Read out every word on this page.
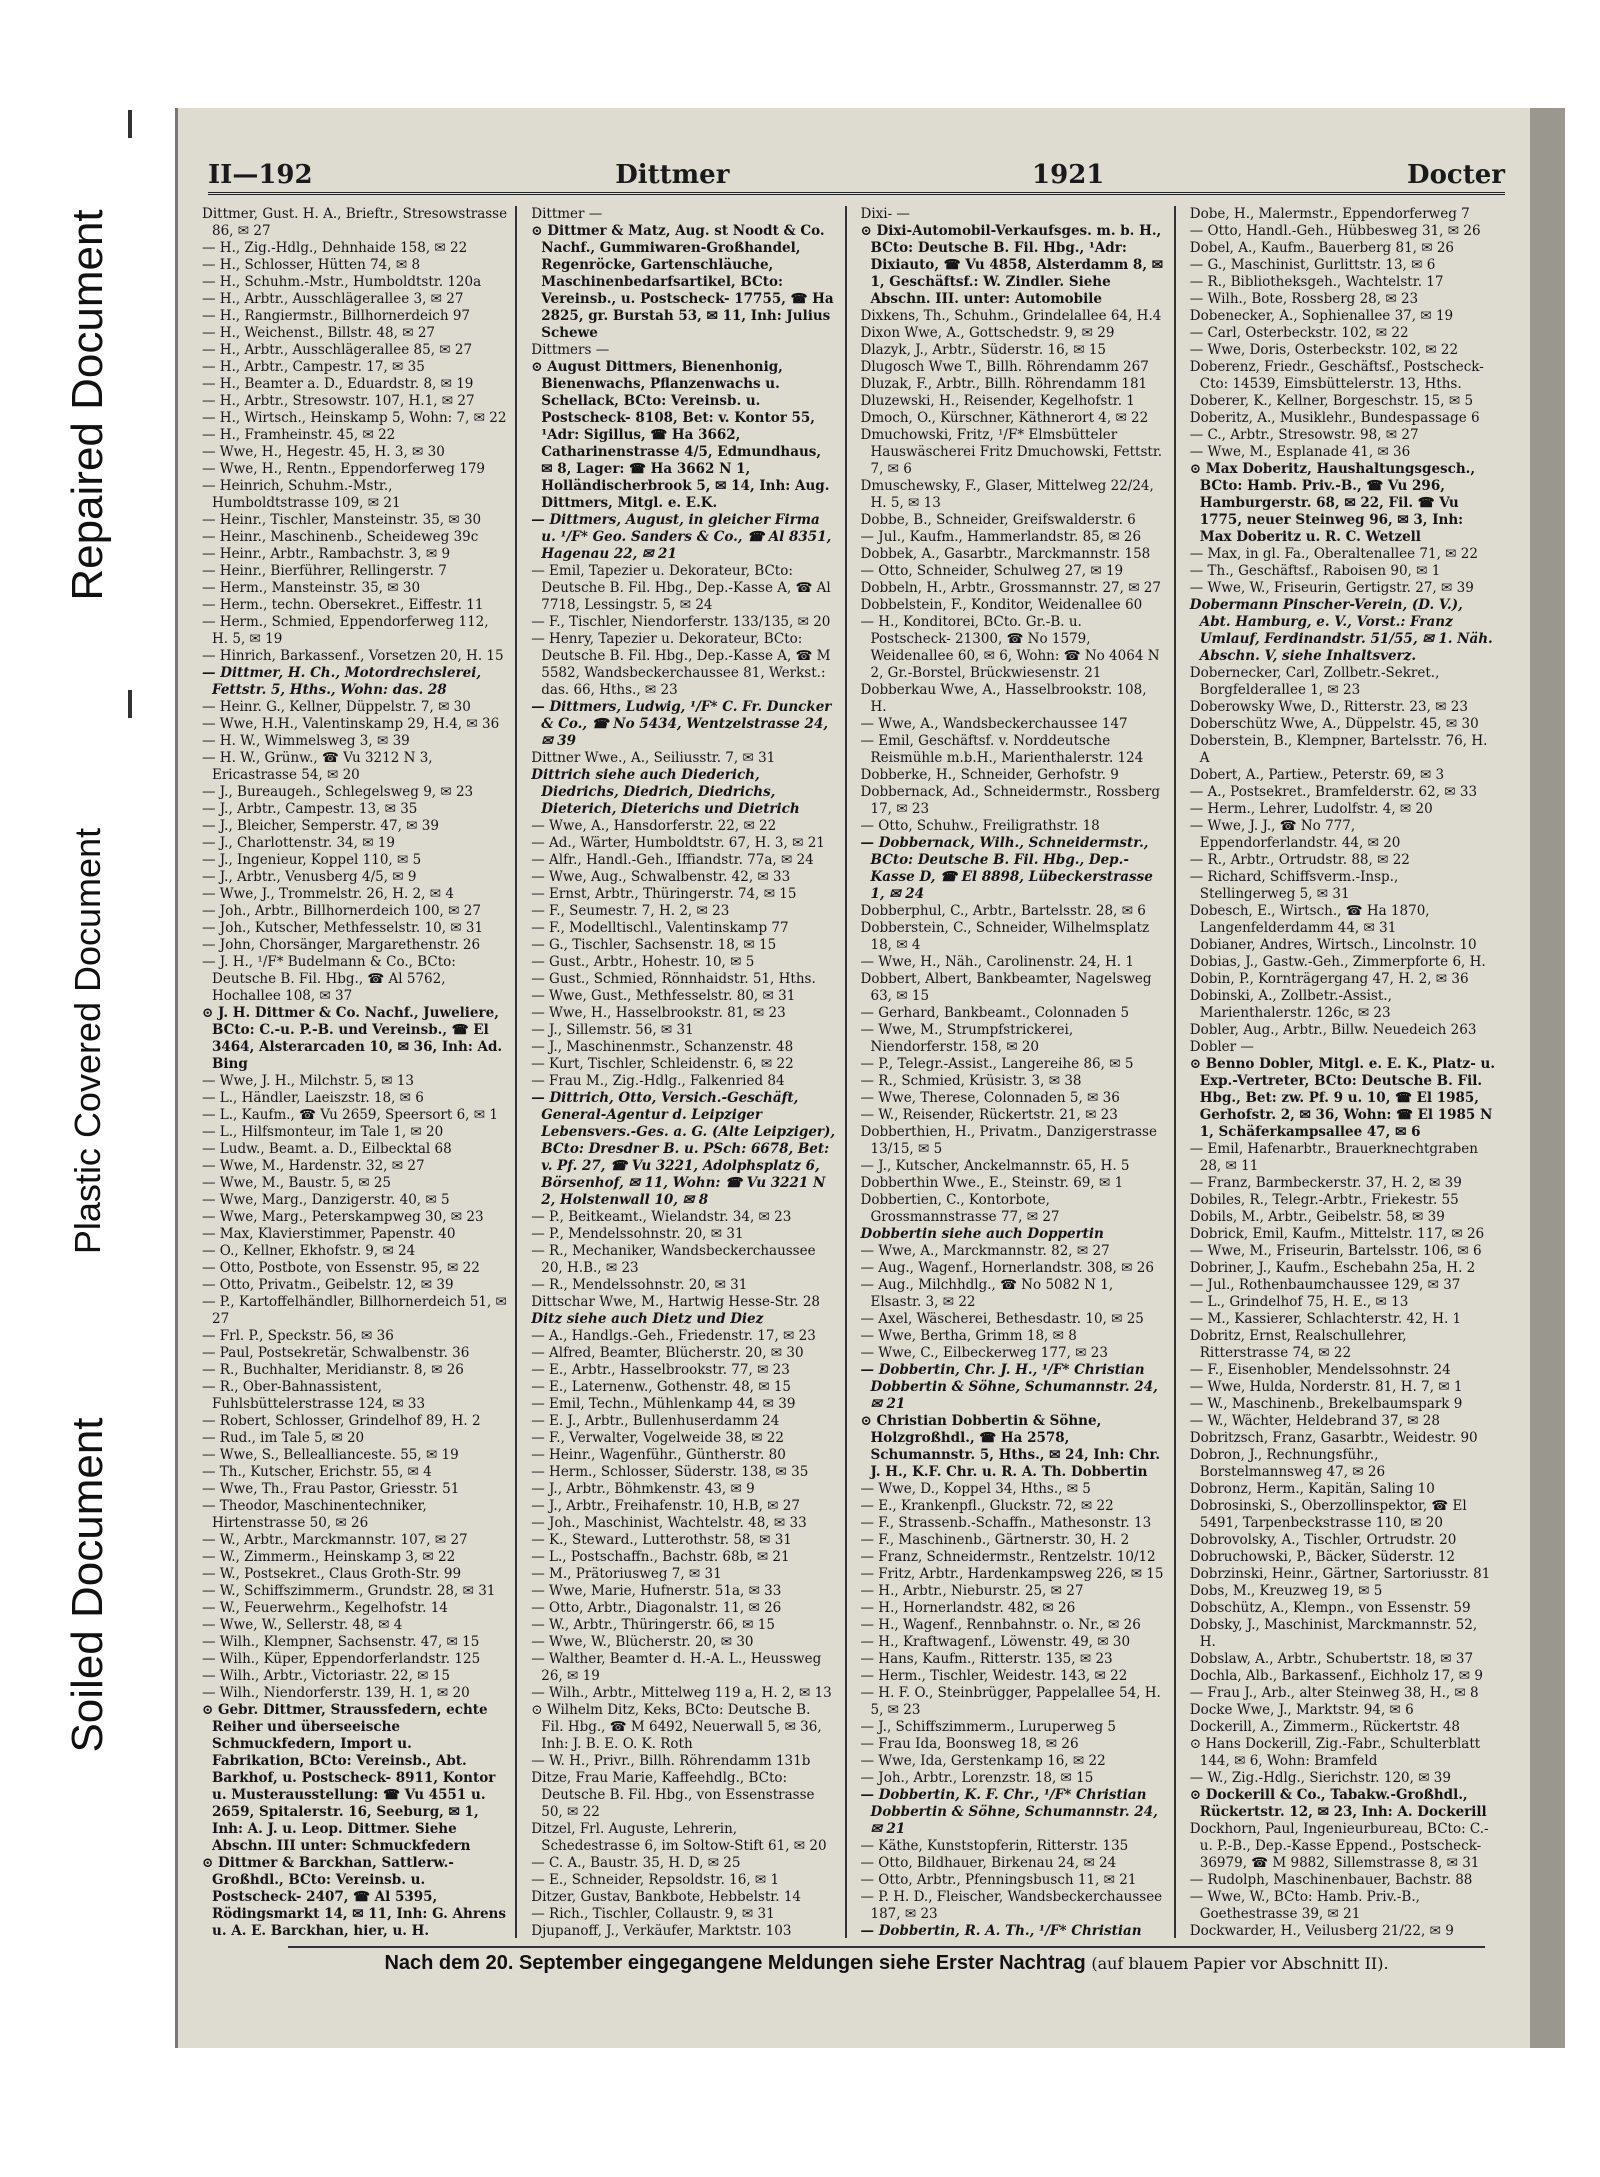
Repaired Document
Plastic Covered Document
Soiled Document
II—192	Dittmer	1921	Docter

Dittmer, Gust. H. A., Brieftr., Stresowstrasse 86, ✉ 27

— H., Zig.-Hdlg., Dehnhaide 158, ✉ 22

— H., Schlosser, Hütten 74, ✉ 8

— H., Schuhm.-Mstr., Humboldtstr. 120a

— H., Arbtr., Ausschlägerallee 3, ✉ 27

— H., Rangiermstr., Billhornerdeich 97

— H., Weichenst., Billstr. 48, ✉ 27

— H., Arbtr., Ausschlägerallee 85, ✉ 27

— H., Arbtr., Campestr. 17, ✉ 35

— H., Beamter a. D., Eduardstr. 8, ✉ 19

— H., Arbtr., Stresowstr. 107, H.1, ✉ 27

— H., Wirtsch., Heinskamp 5, Wohn: 7, ✉ 22

— H., Framheinstr. 45, ✉ 22

— Wwe, H., Hegestr. 45, H. 3, ✉ 30

— Wwe, H., Rentn., Eppendorferweg 179

— Heinrich, Schuhm.-Mstr., Humboldtstrasse 109, ✉ 21

— Heinr., Tischler, Mansteinstr. 35, ✉ 30

— Heinr., Maschinenb., Scheideweg 39c

— Heinr., Arbtr., Rambachstr. 3, ✉ 9

— Heinr., Bierführer, Rellingerstr. 7

— Herm., Mansteinstr. 35, ✉ 30

— Herm., techn. Obersekret., Eiffestr. 11

— Herm., Schmied, Eppendorferweg 112, H. 5, ✉ 19

— Hinrich, Barkassenf., Vorsetzen 20, H. 15

— Dittmer, H. Ch., Motordrechslerei, Fettstr. 5, Hths., Wohn: das. 28

— Heinr. G., Kellner, Düppelstr. 7, ✉ 30

— Wwe, H.H., Valentinskamp 29, H.4, ✉ 36

— H. W., Wimmelsweg 3, ✉ 39

— H. W., Grünw., ☎ Vu 3212 N 3, Ericastrasse 54, ✉ 20

— J., Bureaugeh., Schlegelsweg 9, ✉ 23

— J., Arbtr., Campestr. 13, ✉ 35

— J., Bleicher, Semperstr. 47, ✉ 39

— J., Charlottenstr. 34, ✉ 19

— J., Ingenieur, Koppel 110, ✉ 5

— J., Arbtr., Venusberg 4/5, ✉ 9

— Wwe, J., Trommelstr. 26, H. 2, ✉ 4

— Joh., Arbtr., Billhornerdeich 100, ✉ 27

— Joh., Kutscher, Methfesselstr. 10, ✉ 31

— John, Chorsänger, Margarethenstr. 26

— J. H., ¹/F* Budelmann & Co., BCto: Deutsche B. Fil. Hbg., ☎ Al 5762, Hochallee 108, ✉ 37

⊙ J. H. Dittmer & Co. Nachf., Juweliere, BCto: C.-u. P.-B. und Vereinsb., ☎ El 3464, Alsterarcaden 10, ✉ 36, Inh: Ad. Bing

— Wwe, J. H., Milchstr. 5, ✉ 13

— L., Händler, Laeiszstr. 18, ✉ 6

— L., Kaufm., ☎ Vu 2659, Speersort 6, ✉ 1

— L., Hilfsmonteur, im Tale 1, ✉ 20

— Ludw., Beamt. a. D., Eilbecktal 68

— Wwe, M., Hardenstr. 32, ✉ 27

— Wwe, M., Baustr. 5, ✉ 25

— Wwe, Marg., Danzigerstr. 40, ✉ 5

— Wwe, Marg., Peterskampweg 30, ✉ 23

— Max, Klavierstimmer, Papenstr. 40

— O., Kellner, Ekhofstr. 9, ✉ 24

— Otto, Postbote, von Essenstr. 95, ✉ 22

— Otto, Privatm., Geibelstr. 12, ✉ 39

— P., Kartoffelhändler, Billhornerdeich 51, ✉ 27

— Frl. P., Speckstr. 56, ✉ 36

— Paul, Postsekretär, Schwalbenstr. 36

— R., Buchhalter, Meridianstr. 8, ✉ 26

— R., Ober-Bahnassistent, Fuhlsbüttelerstrasse 124, ✉ 33

— Robert, Schlosser, Grindelhof 89, H. 2

— Rud., im Tale 5, ✉ 20

— Wwe, S., Belleallianceste. 55, ✉ 19

— Th., Kutscher, Erichstr. 55, ✉ 4

— Wwe, Th., Frau Pastor, Griesstr. 51

— Theodor, Maschinentechniker, Hirtenstrasse 50, ✉ 26

— W., Arbtr., Marckmannstr. 107, ✉ 27

— W., Zimmerm., Heinskamp 3, ✉ 22

— W., Postsekret., Claus Groth-Str. 99

— W., Schiffszimmerm., Grundstr. 28, ✉ 31

— W., Feuerwehrm., Kegelhofstr. 14

— Wwe, W., Sellerstr. 48, ✉ 4

— Wilh., Klempner, Sachsenstr. 47, ✉ 15

— Wilh., Küper, Eppendorferlandstr. 125

— Wilh., Arbtr., Victoriastr. 22, ✉ 15

— Wilh., Niendorferstr. 139, H. 1, ✉ 20

⊙ Gebr. Dittmer, Straussfedern, echte Reiher und überseeische Schmuckfedern, Import u. Fabrikation, BCto: Vereinsb., Abt. Barkhof, u. Postscheck- 8911, Kontor u. Musterausstellung: ☎ Vu 4551 u. 2659, Spitalerstr. 16, Seeburg, ✉ 1, Inh: A. J. u. Leop. Dittmer. Siehe Abschn. III unter: Schmuckfedern

⊙ Dittmer & Barckhan, Sattlerw.-Großhdl., BCto: Vereinsb. u. Postscheck- 2407, ☎ Al 5395, Rödingsmarkt 14, ✉ 11, Inh: G. Ahrens u. A. E. Barckhan, hier, u. H.

Dittmer —

⊙ Dittmer & Matz, Aug. st Noodt & Co. Nachf., Gummiwaren-Großhandel, Regenröcke, Gartenschläuche, Maschinenbedarfsartikel, BCto: Vereinsb., u. Postscheck- 17755, ☎ Ha 2825, gr. Burstah 53, ✉ 11, Inh: Julius Schewe

Dittmers —

⊙ August Dittmers, Bienenhonig, Bienenwachs, Pflanzenwachs u. Schellack, BCto: Vereinsb. u. Postscheck- 8108, Bet: v. Kontor 55, ¹Adr: Sigillus, ☎ Ha 3662, Catharinenstrasse 4/5, Edmundhaus, ✉ 8, Lager: ☎ Ha 3662 N 1, Holländischerbrook 5, ✉ 14, Inh: Aug. Dittmers, Mitgl. e. E.K.

— Dittmers, August, in gleicher Firma u. ¹/F* Geo. Sanders & Co., ☎ Al 8351, Hagenau 22, ✉ 21

— Emil, Tapezier u. Dekorateur, BCto: Deutsche B. Fil. Hbg., Dep.-Kasse A, ☎ Al 7718, Lessingstr. 5, ✉ 24

— F., Tischler, Niendorferstr. 133/135, ✉ 20

— Henry, Tapezier u. Dekorateur, BCto: Deutsche B. Fil. Hbg., Dep.-Kasse A, ☎ M 5582, Wandsbeckerchaussee 81, Werkst.: das. 66, Hths., ✉ 23

— Dittmers, Ludwig, ¹/F* C. Fr. Duncker & Co., ☎ No 5434, Wentzelstrasse 24, ✉ 39

Dittner Wwe., A., Seiliusstr. 7, ✉ 31

Dittrich siehe auch Diederich, Diedrichs, Diedrich, Diedrichs, Dieterich, Dieterichs und Dietrich

— Wwe, A., Hansdorferstr. 22, ✉ 22

— Ad., Wärter, Humboldtstr. 67, H. 3, ✉ 21

— Alfr., Handl.-Geh., Iffiandstr. 77a, ✉ 24

— Wwe, Aug., Schwalbenstr. 42, ✉ 33

— Ernst, Arbtr., Thüringerstr. 74, ✉ 15

— F., Seumestr. 7, H. 2, ✉ 23

— F., Modelltischl., Valentinskamp 77

— G., Tischler, Sachsenstr. 18, ✉ 15

— Gust., Arbtr., Hohestr. 10, ✉ 5

— Gust., Schmied, Rönnhaidstr. 51, Hths.

— Wwe, Gust., Methfesselstr. 80, ✉ 31

— Wwe, H., Hasselbrookstr. 81, ✉ 23

— J., Sillemstr. 56, ✉ 31

— J., Maschinenmstr., Schanzenstr. 48

— Kurt, Tischler, Schleidenstr. 6, ✉ 22

— Frau M., Zig.-Hdlg., Falkenried 84

— Dittrich, Otto, Versich.-Geschäft, General-Agentur d. Leipziger Lebensvers.-Ges. a. G. (Alte Leipziger), BCto: Dresdner B. u. PSch: 6678, Bet: v. Pf. 27, ☎ Vu 3221, Adolphsplatz 6, Börsenhof, ✉ 11, Wohn: ☎ Vu 3221 N 2, Holstenwall 10, ✉ 8

— P., Beitkeamt., Wielandstr. 34, ✉ 23

— P., Mendelssohnstr. 20, ✉ 31

— R., Mechaniker, Wandsbeckerchaussee 20, H.B., ✉ 23

— R., Mendelssohnstr. 20, ✉ 31

Dittschar Wwe, M., Hartwig Hesse-Str. 28

Ditz siehe auch Dietz und Diez

— A., Handlgs.-Geh., Friedenstr. 17, ✉ 23

— Alfred, Beamter, Blücherstr. 20, ✉ 30

— E., Arbtr., Hasselbrookstr. 77, ✉ 23

— E., Laternenw., Gothenstr. 48, ✉ 15

— Emil, Techn., Mühlenkamp 44, ✉ 39

— E. J., Arbtr., Bullenhuserdamm 24

— F., Verwalter, Vogelweide 38, ✉ 22

— Heinr., Wagenführ., Güntherstr. 80

— Herm., Schlosser, Süderstr. 138, ✉ 35

— J., Arbtr., Böhmkenstr. 43, ✉ 9

— J., Arbtr., Freihafenstr. 10, H.B, ✉ 27

— Joh., Maschinist, Wachtelstr. 48, ✉ 33

— K., Steward., Lutterothstr. 58, ✉ 31

— L., Postschaffn., Bachstr. 68b, ✉ 21

— M., Prätoriusweg 7, ✉ 31

— Wwe, Marie, Hufnerstr. 51a, ✉ 33

— Otto, Arbtr., Diagonalstr. 11, ✉ 26

— W., Arbtr., Thüringerstr. 66, ✉ 15

— Wwe, W., Blücherstr. 20, ✉ 30

— Walther, Beamter d. H.-A. L., Heussweg 26, ✉ 19

— Wilh., Arbtr., Mittelweg 119 a, H. 2, ✉ 13

⊙ Wilhelm Ditz, Keks, BCto: Deutsche B. Fil. Hbg., ☎ M 6492, Neuerwall 5, ✉ 36, Inh: J. B. E. O. K. Roth

— W. H., Privr., Billh. Röhrendamm 131b

Ditze, Frau Marie, Kaffeehdlg., BCto: Deutsche B. Fil. Hbg., von Essenstrasse 50, ✉ 22

Ditzel, Frl. Auguste, Lehrerin, Schedestrasse 6, im Soltow-Stift 61, ✉ 20

— C. A., Baustr. 35, H. D, ✉ 25

— E., Schneider, Repsoldstr. 16, ✉ 1

Ditzer, Gustav, Bankbote, Hebbelstr. 14

— Rich., Tischler, Collaustr. 9, ✉ 31

Djupanoff, J., Verkäufer, Marktstr. 103

Dixi- —

⊙ Dixi-Automobil-Verkaufsges. m. b. H., BCto: Deutsche B. Fil. Hbg., ¹Adr: Dixiauto, ☎ Vu 4858, Alsterdamm 8, ✉ 1, Geschäftsf.: W. Zindler. Siehe Abschn. III. unter: Automobile

Dixkens, Th., Schuhm., Grindelallee 64, H.4

Dixon Wwe, A., Gottschedstr. 9, ✉ 29

Dlazyk, J., Arbtr., Süderstr. 16, ✉ 15

Dlugosch Wwe T., Billh. Röhrendamm 267

Dluzak, F., Arbtr., Billh. Röhrendamm 181

Dluzewski, H., Reisender, Kegelhofstr. 1

Dmoch, O., Kürschner, Käthnerort 4, ✉ 22

Dmuchowski, Fritz, ¹/F* Elmsbütteler Hauswäscherei Fritz Dmuchowski, Fettstr. 7, ✉ 6

Dmuschewsky, F., Glaser, Mittelweg 22/24, H. 5, ✉ 13

Dobbe, B., Schneider, Greifswalderstr. 6

— Jul., Kaufm., Hammerlandstr. 85, ✉ 26

Dobbek, A., Gasarbtr., Marckmannstr. 158

— Otto, Schneider, Schulweg 27, ✉ 19

Dobbeln, H., Arbtr., Grossmannstr. 27, ✉ 27

Dobbelstein, F., Konditor, Weidenallee 60

— H., Konditorei, BCto. Gr.-B. u. Postscheck- 21300, ☎ No 1579, Weidenallee 60, ✉ 6, Wohn: ☎ No 4064 N 2, Gr.-Borstel, Brückwiesenstr. 21

Dobberkau Wwe, A., Hasselbrookstr. 108, H.

— Wwe, A., Wandsbeckerchaussee 147

— Emil, Geschäftsf. v. Norddeutsche Reismühle m.b.H., Marienthalerstr. 124

Dobberke, H., Schneider, Gerhofstr. 9

Dobbernack, Ad., Schneidermstr., Rossberg 17, ✉ 23

— Otto, Schuhw., Freiligrathstr. 18

— Dobbernack, Wilh., Schneidermstr., BCto: Deutsche B. Fil. Hbg., Dep.-Kasse D, ☎ El 8898, Lübeckerstrasse 1, ✉ 24

Dobberphul, C., Arbtr., Bartelsstr. 28, ✉ 6

Dobberstein, C., Schneider, Wilhelmsplatz 18, ✉ 4

— Wwe, H., Näh., Carolinenstr. 24, H. 1

Dobbert, Albert, Bankbeamter, Nagelsweg 63, ✉ 15

— Gerhard, Bankbeamt., Colonnaden 5

— Wwe, M., Strumpfstrickerei, Niendorferstr. 158, ✉ 20

— P., Telegr.-Assist., Langereihe 86, ✉ 5

— R., Schmied, Krüsistr. 3, ✉ 38

— Wwe, Therese, Colonnaden 5, ✉ 36

— W., Reisender, Rückertstr. 21, ✉ 23

Dobberthien, H., Privatm., Danzigerstrasse 13/15, ✉ 5

— J., Kutscher, Anckelmannstr. 65, H. 5

Dobberthin Wwe., E., Steinstr. 69, ✉ 1

Dobbertien, C., Kontorbote, Grossmannstrasse 77, ✉ 27

Dobbertin siehe auch Doppertin

— Wwe, A., Marckmannstr. 82, ✉ 27

— Aug., Wagenf., Hornerlandstr. 308, ✉ 26

— Aug., Milchhdlg., ☎ No 5082 N 1, Elsastr. 3, ✉ 22

— Axel, Wäscherei, Bethesdastr. 10, ✉ 25

— Wwe, Bertha, Grimm 18, ✉ 8

— Wwe, C., Eilbeckerweg 177, ✉ 23

— Dobbertin, Chr. J. H., ¹/F* Christian Dobbertin & Söhne, Schumannstr. 24, ✉ 21

⊙ Christian Dobbertin & Söhne, Holzgroßhdl., ☎ Ha 2578, Schumannstr. 5, Hths., ✉ 24, Inh: Chr. J. H., K.F. Chr. u. R. A. Th. Dobbertin

— Wwe, D., Koppel 34, Hths., ✉ 5

— E., Krankenpfl., Gluckstr. 72, ✉ 22

— F., Strassenb.-Schaffn., Mathesonstr. 13

— F., Maschinenb., Gärtnerstr. 30, H. 2

— Franz, Schneidermstr., Rentzelstr. 10/12

— Fritz, Arbtr., Hardenkampsweg 226, ✉ 15

— H., Arbtr., Nieburstr. 25, ✉ 27

— H., Hornerlandstr. 482, ✉ 26

— H., Wagenf., Rennbahnstr. o. Nr., ✉ 26

— H., Kraftwagenf., Löwenstr. 49, ✉ 30

— Hans, Kaufm., Ritterstr. 135, ✉ 23

— Herm., Tischler, Weidestr. 143, ✉ 22

— H. F. O., Steinbrügger, Pappelallee 54, H. 5, ✉ 23

— J., Schiffszimmerm., Luruperweg 5

— Frau Ida, Boonsweg 18, ✉ 26

— Wwe, Ida, Gerstenkamp 16, ✉ 22

— Joh., Arbtr., Lorenzstr. 18, ✉ 15

— Dobbertin, K. F. Chr., ¹/F* Christian Dobbertin & Söhne, Schumannstr. 24, ✉ 21

— Käthe, Kunststopferin, Ritterstr. 135

— Otto, Bildhauer, Birkenau 24, ✉ 24

— Otto, Arbtr., Pfenningsbusch 11, ✉ 21

— P. H. D., Fleischer, Wandsbeckerchaussee 187, ✉ 23

— Dobbertin, R. A. Th., ¹/F* Christian

Dobe, H., Malermstr., Eppendorferweg 7

— Otto, Handl.-Geh., Hübbesweg 31, ✉ 26

Dobel, A., Kaufm., Bauerberg 81, ✉ 26

— G., Maschinist, Gurlittstr. 13, ✉ 6

— R., Bibliotheksgeh., Wachtelstr. 17

— Wilh., Bote, Rossberg 28, ✉ 23

Dobenecker, A., Sophienallee 37, ✉ 19

— Carl, Osterbeckstr. 102, ✉ 22

— Wwe, Doris, Osterbeckstr. 102, ✉ 22

Doberenz, Friedr., Geschäftsf., Postscheck-Cto: 14539, Eimsbüttelerstr. 13, Hths.

Doberer, K., Kellner, Borgeschstr. 15, ✉ 5

Doberitz, A., Musiklehr., Bundespassage 6

— C., Arbtr., Stresowstr. 98, ✉ 27

— Wwe, M., Esplanade 41, ✉ 36

⊙ Max Doberitz, Haushaltungsgesch., BCto: Hamb. Priv.-B., ☎ Vu 296, Hamburgerstr. 68, ✉ 22, Fil. ☎ Vu 1775, neuer Steinweg 96, ✉ 3, Inh: Max Doberitz u. R. C. Wetzell

— Max, in gl. Fa., Oberaltenallee 71, ✉ 22

— Th., Geschäftsf., Raboisen 90, ✉ 1

— Wwe, W., Friseurin, Gertigstr. 27, ✉ 39

Dobermann Pinscher-Verein, (D. V.), Abt. Hamburg, e. V., Vorst.: Franz Umlauf, Ferdinandstr. 51/55, ✉ 1. Näh. Abschn. V, siehe Inhaltsverz.

Dobernecker, Carl, Zollbetr.-Sekret., Borgfelderallee 1, ✉ 23

Doberowsky Wwe, D., Ritterstr. 23, ✉ 23

Doberschütz Wwe, A., Düppelstr. 45, ✉ 30

Doberstein, B., Klempner, Bartelsstr. 76, H. A

Dobert, A., Partiew., Peterstr. 69, ✉ 3

— A., Postsekret., Bramfelderstr. 62, ✉ 33

— Herm., Lehrer, Ludolfstr. 4, ✉ 20

— Wwe, J. J., ☎ No 777, Eppendorferlandstr. 44, ✉ 20

— R., Arbtr., Ortrudstr. 88, ✉ 22

— Richard, Schiffsverm.-Insp., Stellingerweg 5, ✉ 31

Dobesch, E., Wirtsch., ☎ Ha 1870, Langenfelderdamm 44, ✉ 31

Dobianer, Andres, Wirtsch., Lincolnstr. 10

Dobias, J., Gastw.-Geh., Zimmerpforte 6, H.

Dobin, P., Kornträgergang 47, H. 2, ✉ 36

Dobinski, A., Zollbetr.-Assist., Marienthalerstr. 126c, ✉ 23

Dobler, Aug., Arbtr., Billw. Neuedeich 263

Dobler —

⊙ Benno Dobler, Mitgl. e. E. K., Platz- u. Exp.-Vertreter, BCto: Deutsche B. Fil. Hbg., Bet: zw. Pf. 9 u. 10, ☎ El 1985, Gerhofstr. 2, ✉ 36, Wohn: ☎ El 1985 N 1, Schäferkampsallee 47, ✉ 6

— Emil, Hafenarbtr., Brauerknechtgraben 28, ✉ 11

— Franz, Barmbeckerstr. 37, H. 2, ✉ 39

Dobiles, R., Telegr.-Arbtr., Friekestr. 55

Dobils, M., Arbtr., Geibelstr. 58, ✉ 39

Dobrick, Emil, Kaufm., Mittelstr. 117, ✉ 26

— Wwe, M., Friseurin, Bartelsstr. 106, ✉ 6

Dobriner, J., Kaufm., Eschebahn 25a, H. 2

— Jul., Rothenbaumchaussee 129, ✉ 37

— L., Grindelhof 75, H. E., ✉ 13

— M., Kassierer, Schlachterstr. 42, H. 1

Dobritz, Ernst, Realschullehrer, Ritterstrasse 74, ✉ 22

— F., Eisenhobler, Mendelssohnstr. 24

— Wwe, Hulda, Norderstr. 81, H. 7, ✉ 1

— W., Maschinenb., Brekelbaumspark 9

— W., Wächter, Heldebrand 37, ✉ 28

Dobritzsch, Franz, Gasarbtr., Weidestr. 90

Dobron, J., Rechnungsführ., Borstelmannsweg 47, ✉ 26

Dobronz, Herm., Kapitän, Saling 10

Dobrosinski, S., Oberzollinspektor, ☎ El 5491, Tarpenbeckstrasse 110, ✉ 20

Dobrovolsky, A., Tischler, Ortrudstr. 20

Dobruchowski, P., Bäcker, Süderstr. 12

Dobrzinski, Heinr., Gärtner, Sartoriusstr. 81

Dobs, M., Kreuzweg 19, ✉ 5

Dobschütz, A., Klempn., von Essenstr. 59

Dobsky, J., Maschinist, Marckmannstr. 52, H.

Dobslaw, A., Arbtr., Schubertstr. 18, ✉ 37

Dochla, Alb., Barkassenf., Eichholz 17, ✉ 9

— Frau J., Arb., alter Steinweg 38, H., ✉ 8

Docke Wwe, J., Marktstr. 94, ✉ 6

Dockerill, A., Zimmerm., Rückertstr. 48

⊙ Hans Dockerill, Zig.-Fabr., Schulterblatt 144, ✉ 6, Wohn: Bramfeld

— W., Zig.-Hdlg., Sierichstr. 120, ✉ 39

⊙ Dockerill & Co., Tabakw.-Großhdl., Rückertstr. 12, ✉ 23, Inh: A. Dockerill

Dockhorn, Paul, Ingenieurbureau, BCto: C.- u. P.-B., Dep.-Kasse Eppend., Postscheck- 36979, ☎ M 9882, Sillemstrasse 8, ✉ 31

— Rudolph, Maschinenbauer, Bachstr. 88

— Wwe, W., BCto: Hamb. Priv.-B., Goethestrasse 39, ✉ 21

Dockwarder, H., Veilusberg 21/22, ✉ 9

Nach dem 20. September eingegangene Meldungen siehe Erster Nachtrag (auf blauem Papier vor Abschnitt II).
